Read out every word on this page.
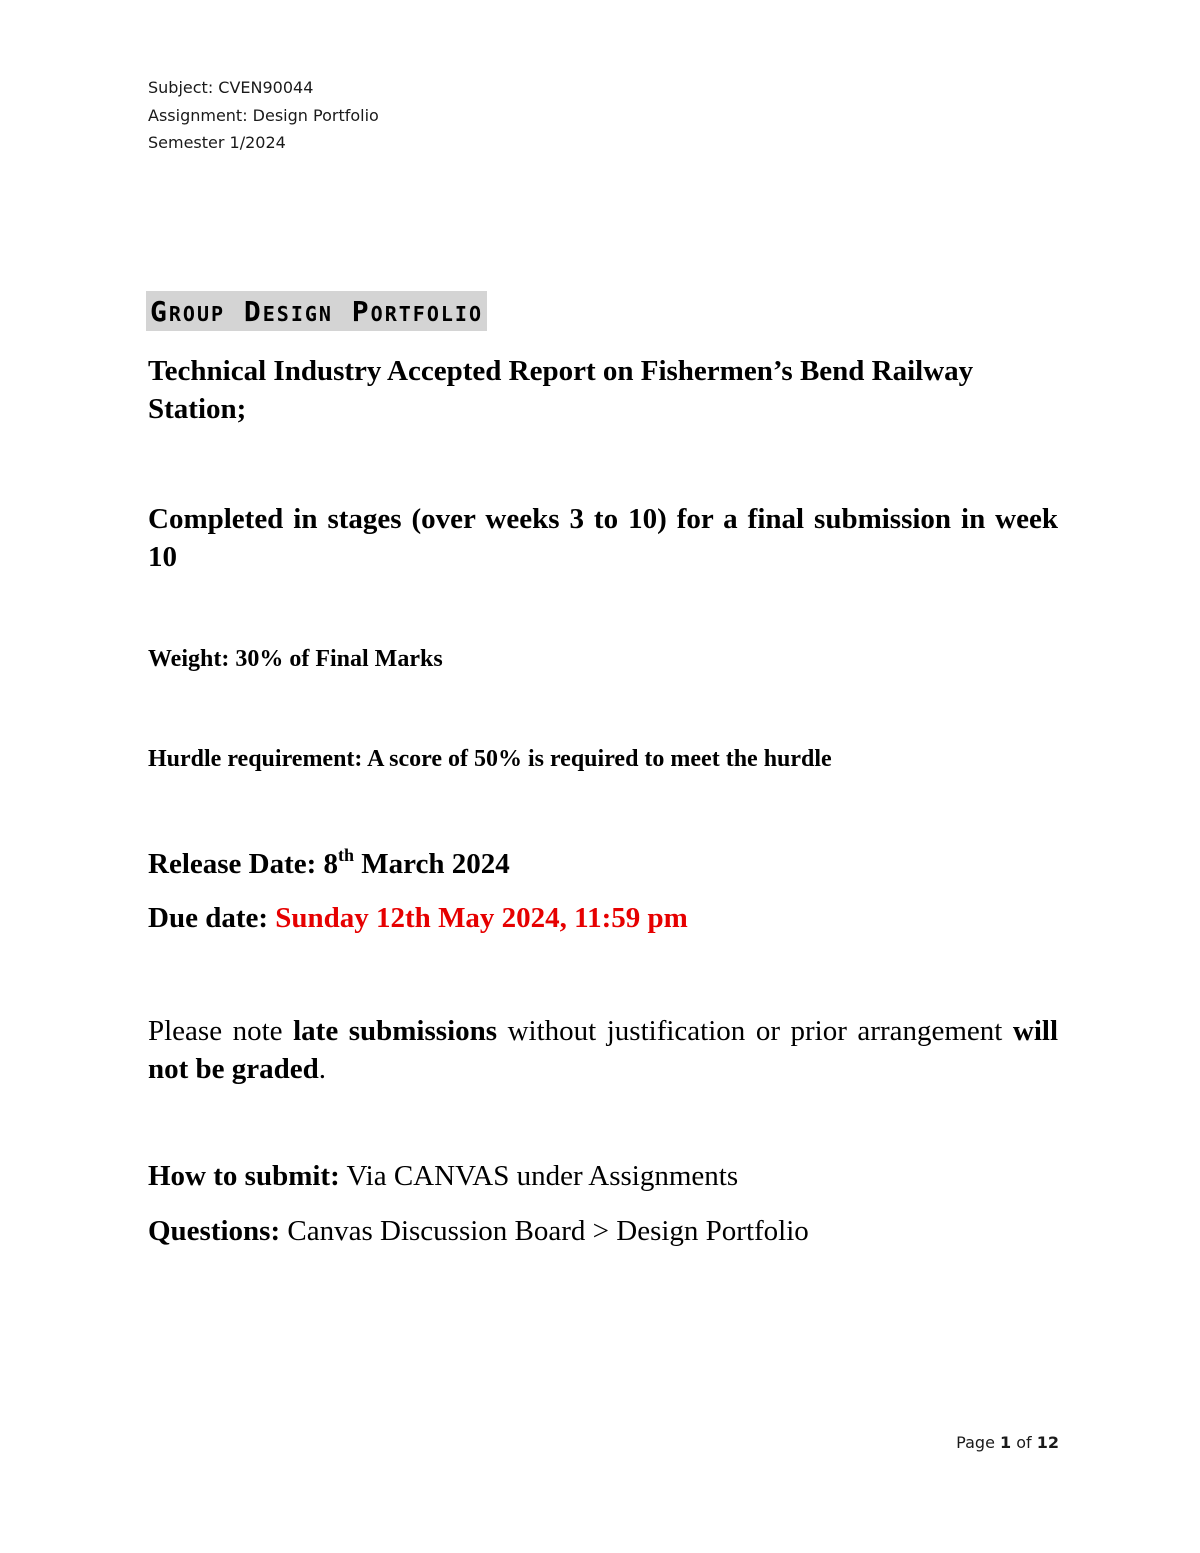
Subject: CVEN90044
Assignment: Design Portfolio
Semester 1/2024
Group Design Portfolio
Technical Industry Accepted Report on Fishermen’s Bend Railway Station;
Completed in stages (over weeks 3 to 10) for a final submission in week 10
Weight: 30% of Final Marks
Hurdle requirement: A score of 50% is required to meet the hurdle
Release Date: 8th March 2024
Due date: Sunday 12th May 2024, 11:59 pm
Please note late submissions without justification or prior arrangement will not be graded.
How to submit: Via CANVAS under Assignments
Questions: Canvas Discussion Board > Design Portfolio
Page 1 of 12
